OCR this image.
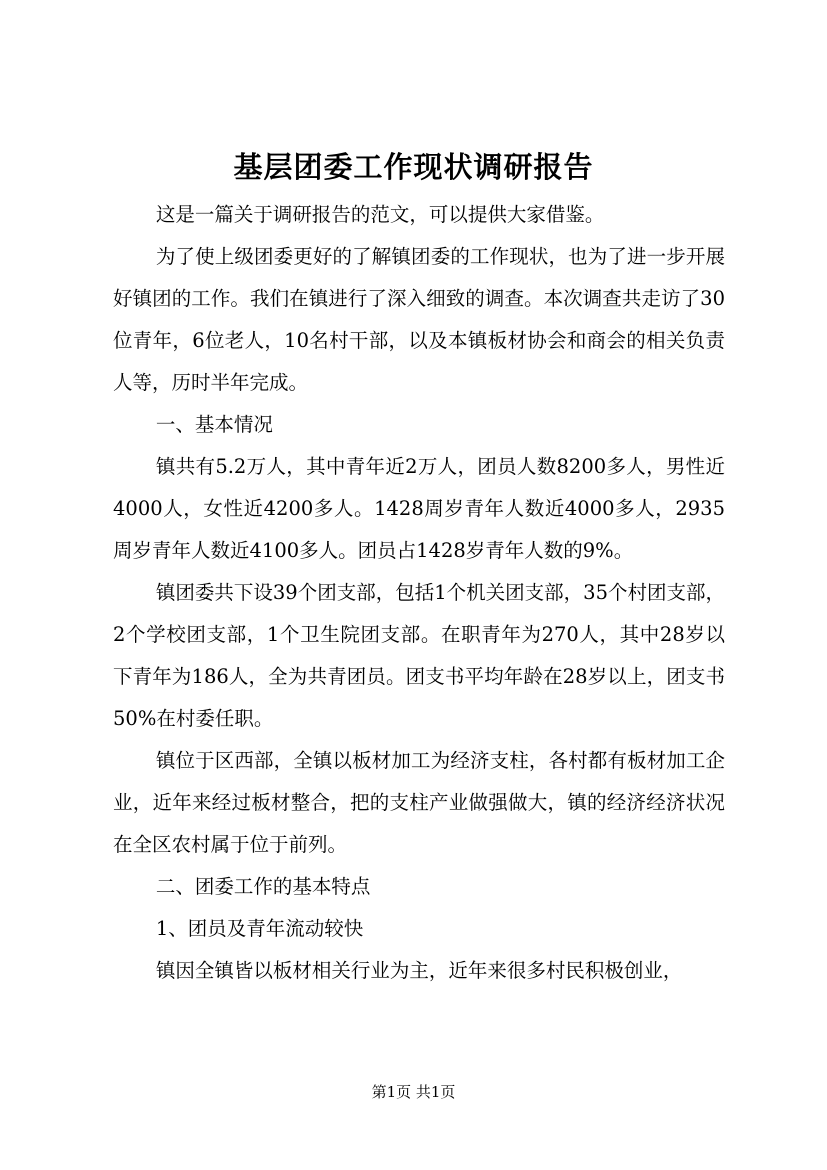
基层团委工作现状调研报告

这是一篇关于调研报告的范文，可以提供大家借鉴。

为了使上级团委更好的了解镇团委的工作现状，也为了进一步开展好镇团的工作。我们在镇进行了深入细致的调查。本次调查共走访了30位青年，6位老人，10名村干部，以及本镇板材协会和商会的相关负责人等，历时半年完成。

一、基本情况

镇共有5.2万人，其中青年近2万人，团员人数8200多人，男性近4000人，女性近4200多人。1428周岁青年人数近4000多人，2935周岁青年人数近4100多人。团员占1428岁青年人数的9%。

镇团委共下设39个团支部，包括1个机关团支部，35个村团支部，2个学校团支部，1个卫生院团支部。在职青年为270人，其中28岁以下青年为186人，全为共青团员。团支书平均年龄在28岁以上，团支书50%在村委任职。

镇位于区西部，全镇以板材加工为经济支柱，各村都有板材加工企业，近年来经过板材整合，把的支柱产业做强做大，镇的经济经济状况在全区农村属于位于前列。

二、团委工作的基本特点

1、团员及青年流动较快

镇因全镇皆以板材相关行业为主，近年来很多村民积极创业，

第1页 共1页
